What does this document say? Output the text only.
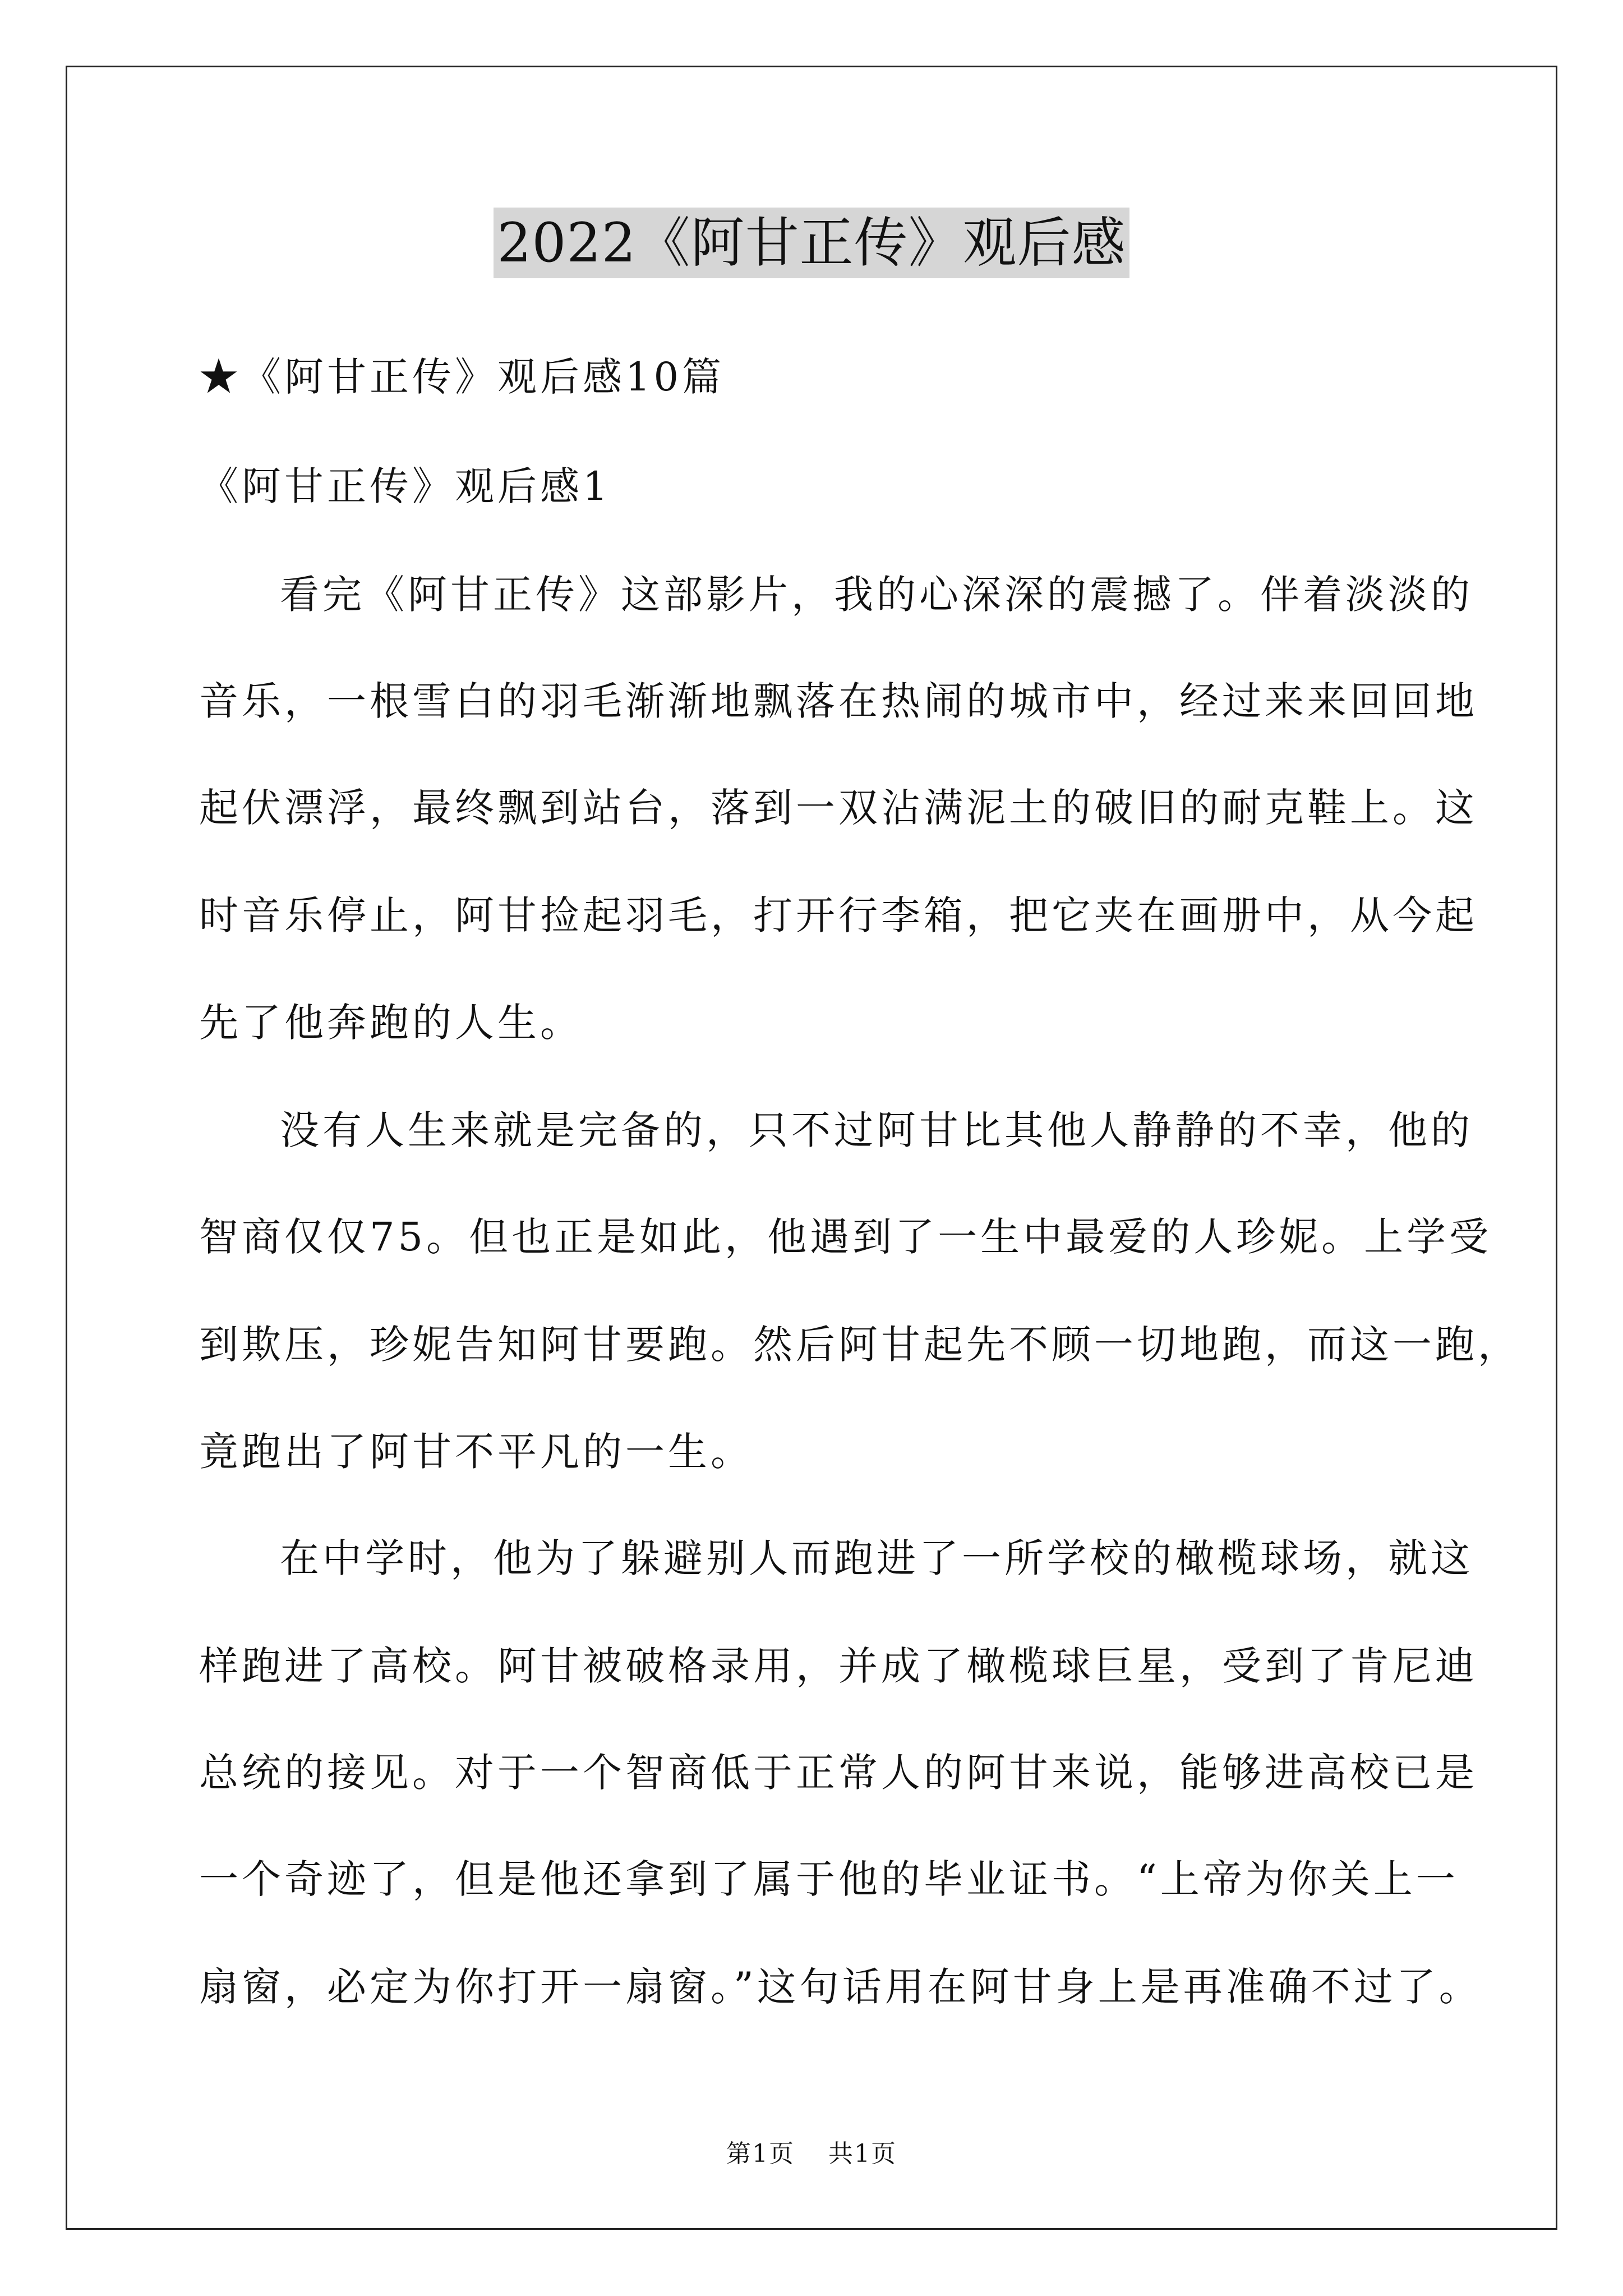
2022《阿甘正传》观后感
★《阿甘正传》观后感10篇
《阿甘正传》观后感1
看完《阿甘正传》这部影片，我的心深深的震撼了。伴着淡淡的
音乐，一根雪白的羽毛渐渐地飘落在热闹的城市中，经过来来回回地
起伏漂浮，最终飘到站台，落到一双沾满泥土的破旧的耐克鞋上。这
时音乐停止，阿甘捡起羽毛，打开行李箱，把它夹在画册中，从今起
先了他奔跑的人生。
没有人生来就是完备的，只不过阿甘比其他人静静的不幸，他的
智商仅仅75。但也正是如此，他遇到了一生中最爱的人珍妮。上学受
到欺压，珍妮告知阿甘要跑。然后阿甘起先不顾一切地跑，而这一跑，
竟跑出了阿甘不平凡的一生。
在中学时，他为了躲避别人而跑进了一所学校的橄榄球场，就这
样跑进了高校。阿甘被破格录用，并成了橄榄球巨星，受到了肯尼迪
总统的接见。对于一个智商低于正常人的阿甘来说，能够进高校已是
一个奇迹了，但是他还拿到了属于他的毕业证书。“上帝为你关上一
扇窗，必定为你打开一扇窗。”这句话用在阿甘身上是再准确不过了。
第1页 共1页
